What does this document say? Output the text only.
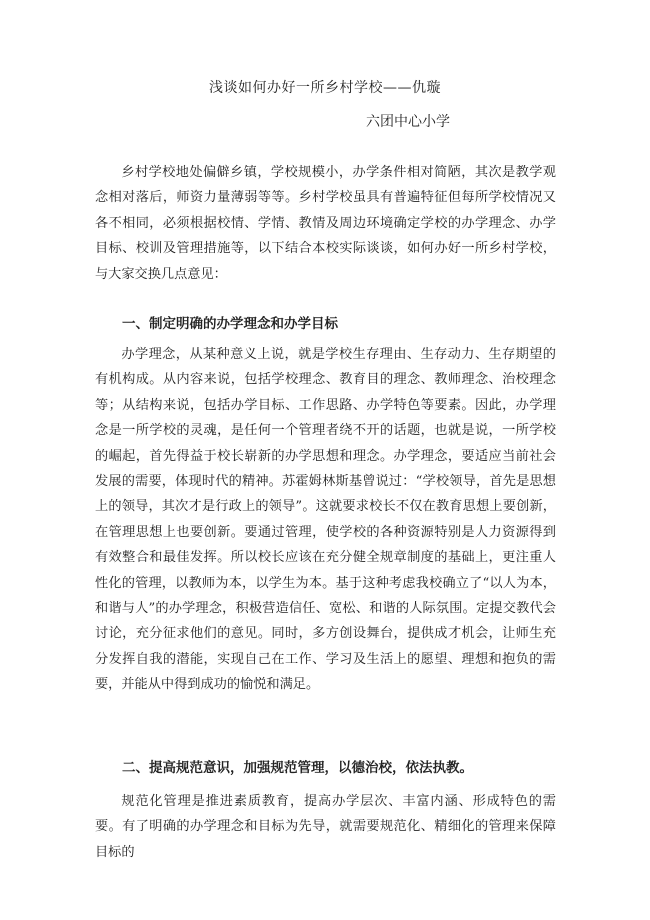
浅谈如何办好一所乡村学校——仇璇
六团中心小学
乡村学校地处偏僻乡镇，学校规模小，办学条件相对简陋，其次是教学观念相对落后，师资力量薄弱等等。乡村学校虽具有普遍特征但每所学校情况又各不相同，必须根据校情、学情、教情及周边环境确定学校的办学理念、办学目标、校训及管理措施等，以下结合本校实际谈谈，如何办好一所乡村学校，与大家交换几点意见：
一、制定明确的办学理念和办学目标
办学理念，从某种意义上说，就是学校生存理由、生存动力、生存期望的有机构成。从内容来说，包括学校理念、教育目的理念、教师理念、治校理念等；从结构来说，包括办学目标、工作思路、办学特色等要素。因此，办学理念是一所学校的灵魂，是任何一个管理者绕不开的话题，也就是说，一所学校的崛起，首先得益于校长崭新的办学思想和理念。办学理念，要适应当前社会发展的需要，体现时代的精神。苏霍姆林斯基曾说过：“学校领导，首先是思想上的领导，其次才是行政上的领导”。这就要求校长不仅在教育思想上要创新，在管理思想上也要创新。要通过管理，使学校的各种资源特别是人力资源得到有效整合和最佳发挥。所以校长应该在充分健全规章制度的基础上，更注重人性化的管理，以教师为本，以学生为本。基于这种考虑我校确立了“以人为本，和谐与人”的办学理念，积极营造信任、宽松、和谐的人际氛围。定提交教代会讨论，充分征求他们的意见。同时，多方创设舞台，提供成才机会，让师生充分发挥自我的潜能，实现自己在工作、学习及生活上的愿望、理想和抱负的需要，并能从中得到成功的愉悦和满足。
二、提高规范意识，加强规范管理，以德治校，依法执教。
规范化管理是推进素质教育，提高办学层次、丰富内涵、形成特色的需要。有了明确的办学理念和目标为先导，就需要规范化、精细化的管理来保障目标的
